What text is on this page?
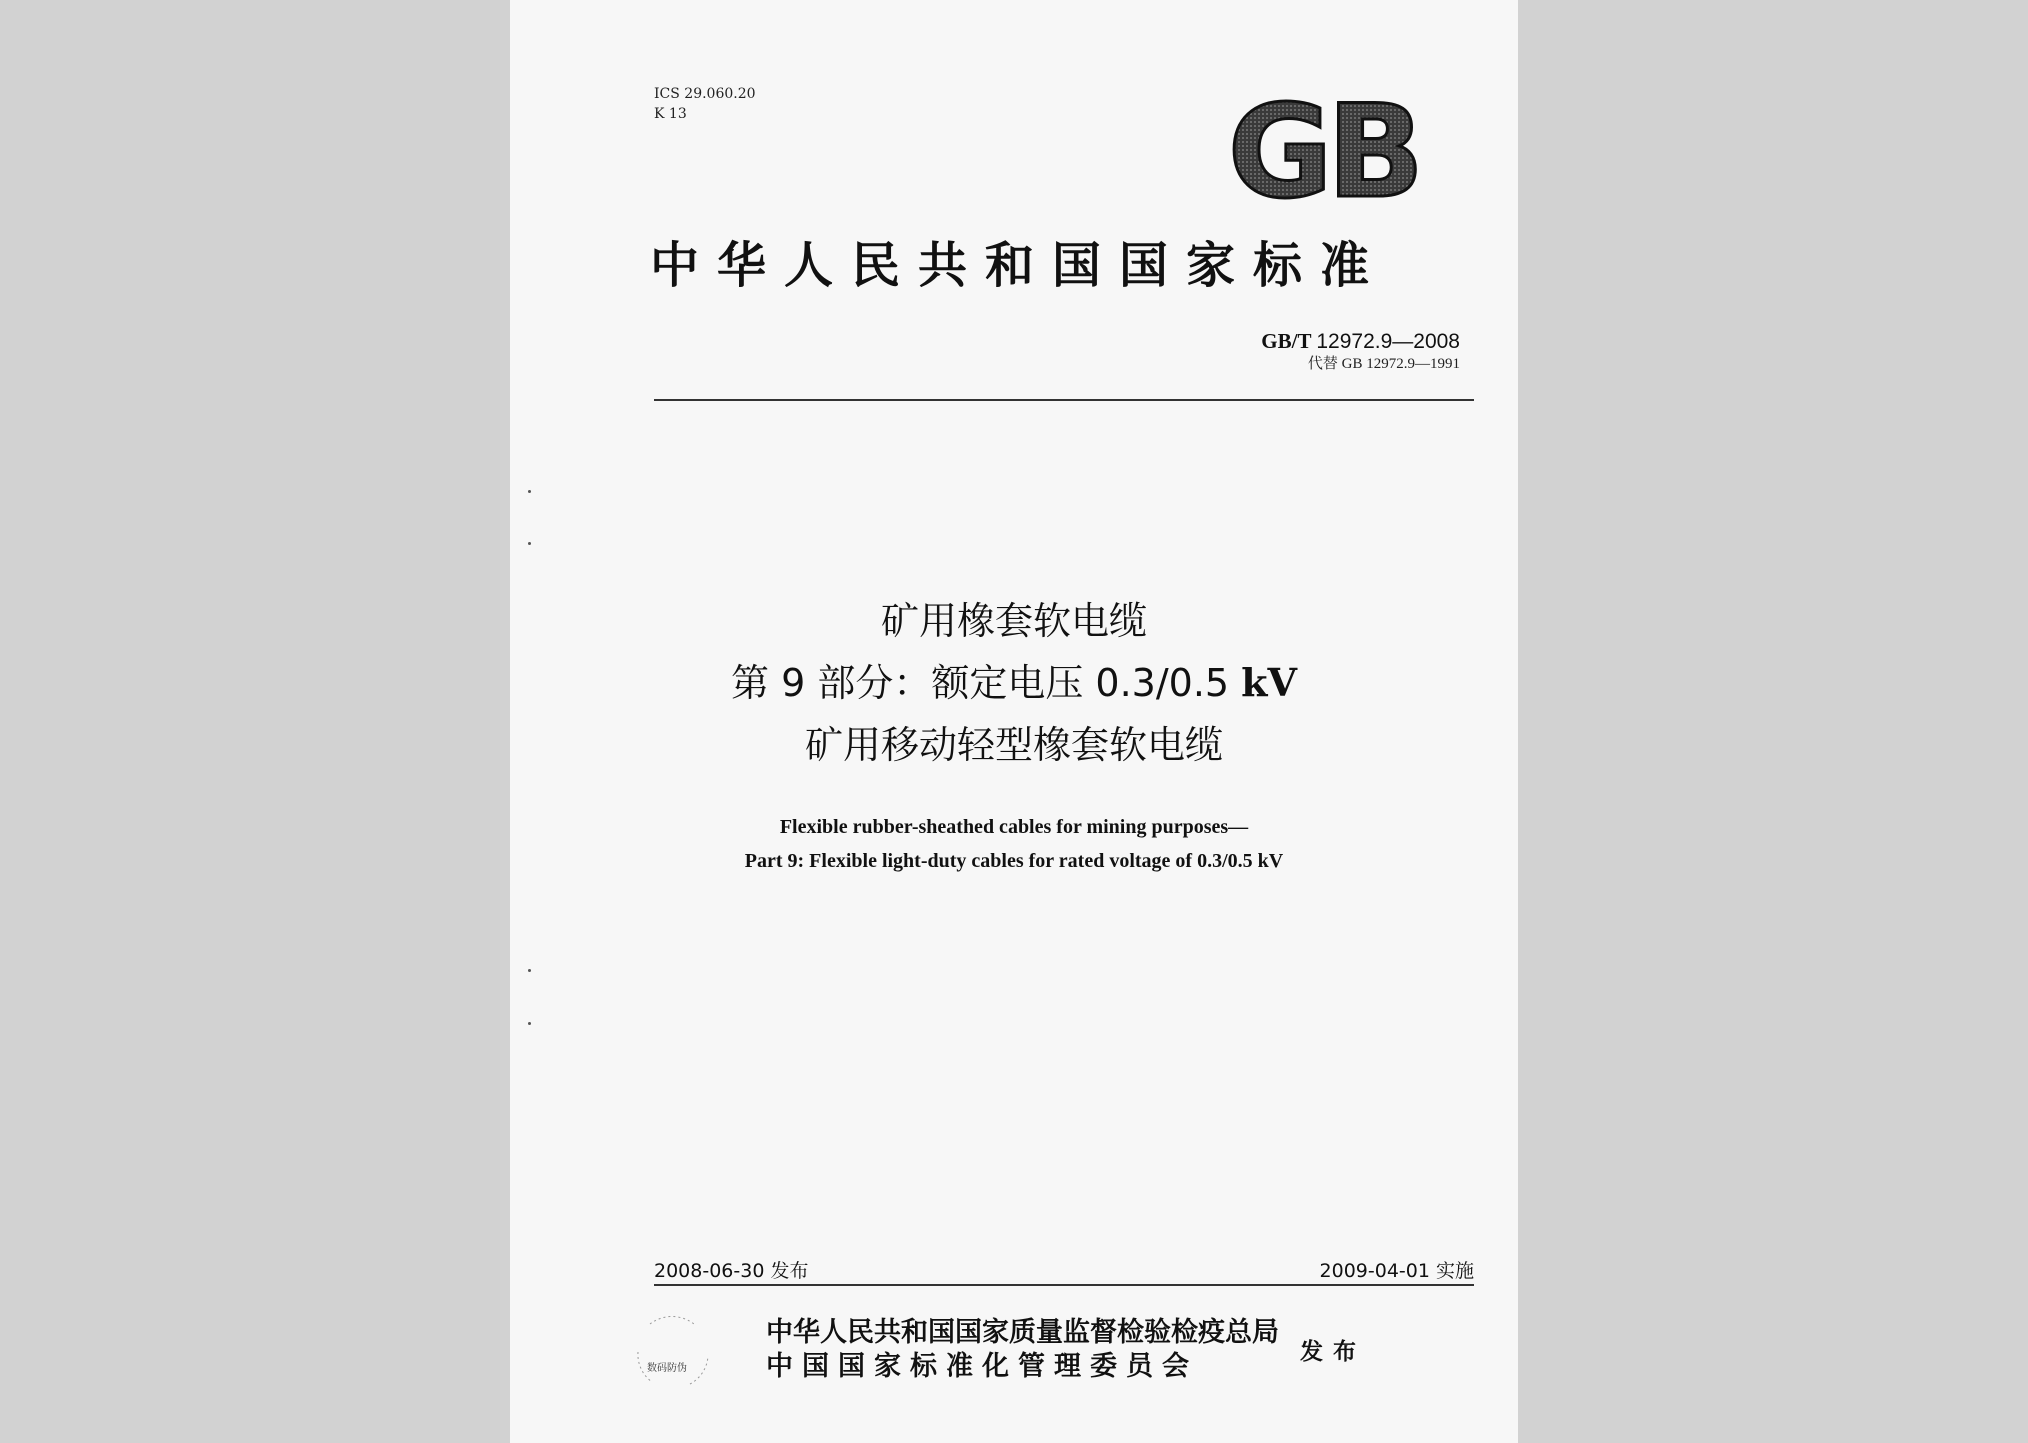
ICS 29.060.20
K 13	GB
中华人民共和国国家标准
GB/T 12972.9—2008
代替 GB 12972.9—1991
矿用橡套软电缆
第 9 部分：额定电压 0.3/0.5 kV
矿用移动轻型橡套软电缆
Flexible rubber-sheathed cables for mining purposes—
Part 9: Flexible light-duty cables for rated voltage of 0.3/0.5 kV
2008-06-30 发布	2009-04-01 实施
数码防伪
中华人民共和国国家质量监督检验检疫总局
中国国家标准化管理委员会	发布
